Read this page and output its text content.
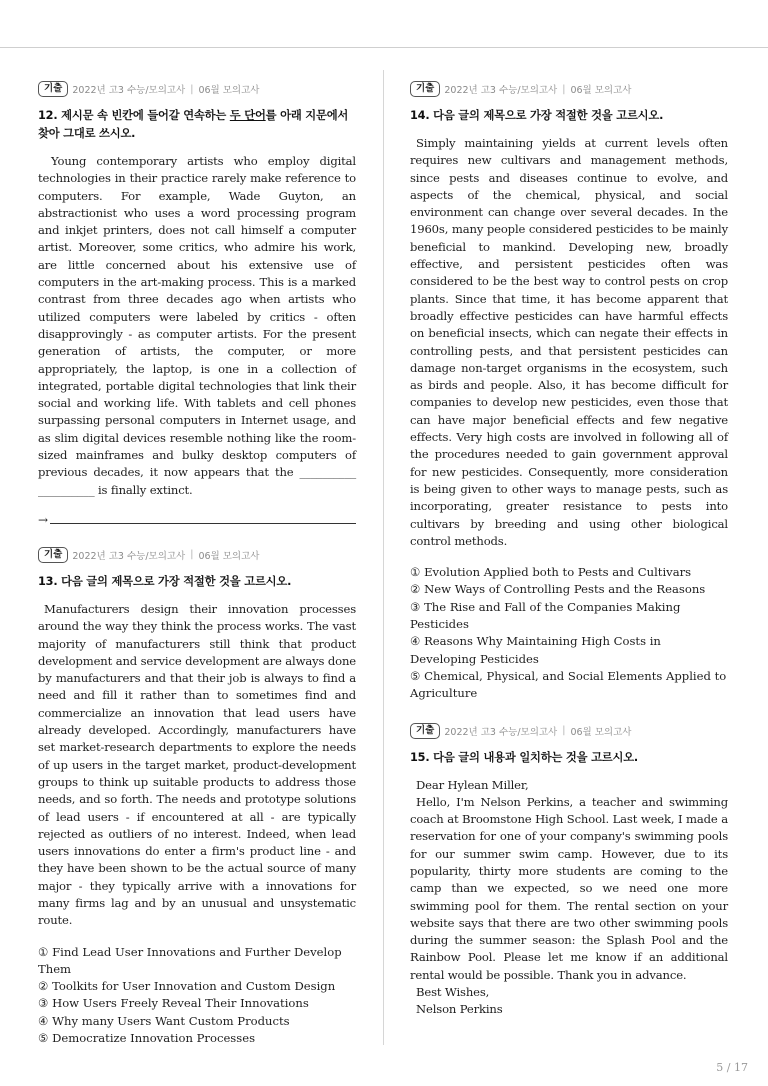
기출	2022년 고3 수능/모의고사 | 06월 모의고사
12. 제시문 속 빈칸에 들어갈 연속하는 두 단어를 아래 지문에서 찾아 그대로 쓰시오.

Young contemporary artists who employ digital technologies in their practice rarely make reference to computers. For example, Wade Guyton, an abstractionist who uses a word processing program and inkjet printers, does not call himself a computer artist. Moreover, some critics, who admire his work, are little concerned about his extensive use of computers in the art-making process. This is a marked contrast from three decades ago when artists who utilized computers were labeled by critics - often disapprovingly - as computer artists. For the present generation of artists, the computer, or more appropriately, the laptop, is one in a collection of integrated, portable digital technologies that link their social and working life. With tablets and cell phones surpassing personal computers in Internet usage, and as slim digital devices resemble nothing like the room-sized mainframes and bulky desktop computers of previous decades, it now appears that the __________ __________ is finally extinct.

→
기출	2022년 고3 수능/모의고사 | 06월 모의고사
13. 다음 글의 제목으로 가장 적절한 것을 고르시오.

Manufacturers design their innovation processes around the way they think the process works. The vast majority of manufacturers still think that product development and service development are always done by manufacturers and that their job is always to find a need and fill it rather than to sometimes find and commercialize an innovation that lead users have already developed. Accordingly, manufacturers have set market-research departments to explore the needs of up users in the target market, product-development groups to think up suitable products to address those needs, and so forth. The needs and prototype solutions of lead users - if encountered at all - are typically rejected as outliers of no interest. Indeed, when lead users innovations do enter a firm's product line - and they have been shown to be the actual source of many major - they typically arrive with a innovations for many firms lag and by an unusual and unsystematic route.

① Find Lead User Innovations and Further Develop Them
② Toolkits for User Innovation and Custom Design
③ How Users Freely Reveal Their Innovations
④ Why many Users Want Custom Products
⑤ Democratize Innovation Processes
기출	2022년 고3 수능/모의고사 | 06월 모의고사
14. 다음 글의 제목으로 가장 적절한 것을 고르시오.

Simply maintaining yields at current levels often requires new cultivars and management methods, since pests and diseases continue to evolve, and aspects of the chemical, physical, and social environment can change over several decades. In the 1960s, many people considered pesticides to be mainly beneficial to mankind. Developing new, broadly effective, and persistent pesticides often was considered to be the best way to control pests on crop plants. Since that time, it has become apparent that broadly effective pesticides can have harmful effects on beneficial insects, which can negate their effects in controlling pests, and that persistent pesticides can damage non-target organisms in the ecosystem, such as birds and people. Also, it has become difficult for companies to develop new pesticides, even those that can have major beneficial effects and few negative effects. Very high costs are involved in following all of the procedures needed to gain government approval for new pesticides. Consequently, more consideration is being given to other ways to manage pests, such as incorporating, greater resistance to pests into cultivars by breeding and using other biological control methods.

① Evolution Applied both to Pests and Cultivars
② New Ways of Controlling Pests and the Reasons
③ The Rise and Fall of the Companies Making Pesticides
④ Reasons Why Maintaining High Costs in Developing Pesticides
⑤ Chemical, Physical, and Social Elements Applied to Agriculture
기출	2022년 고3 수능/모의고사 | 06월 모의고사
15. 다음 글의 내용과 일치하는 것을 고르시오.

Dear Hylean Miller,

Hello, I'm Nelson Perkins, a teacher and swimming coach at Broomstone High School. Last week, I made a reservation for one of your company's swimming pools for our summer swim camp. However, due to its popularity, thirty more students are coming to the camp than we expected, so we need one more swimming pool for them. The rental section on your website says that there are two other swimming pools during the summer season: the Splash Pool and the Rainbow Pool. Please let me know if an additional rental would be possible. Thank you in advance.

Best Wishes,

Nelson Perkins

5 / 17
